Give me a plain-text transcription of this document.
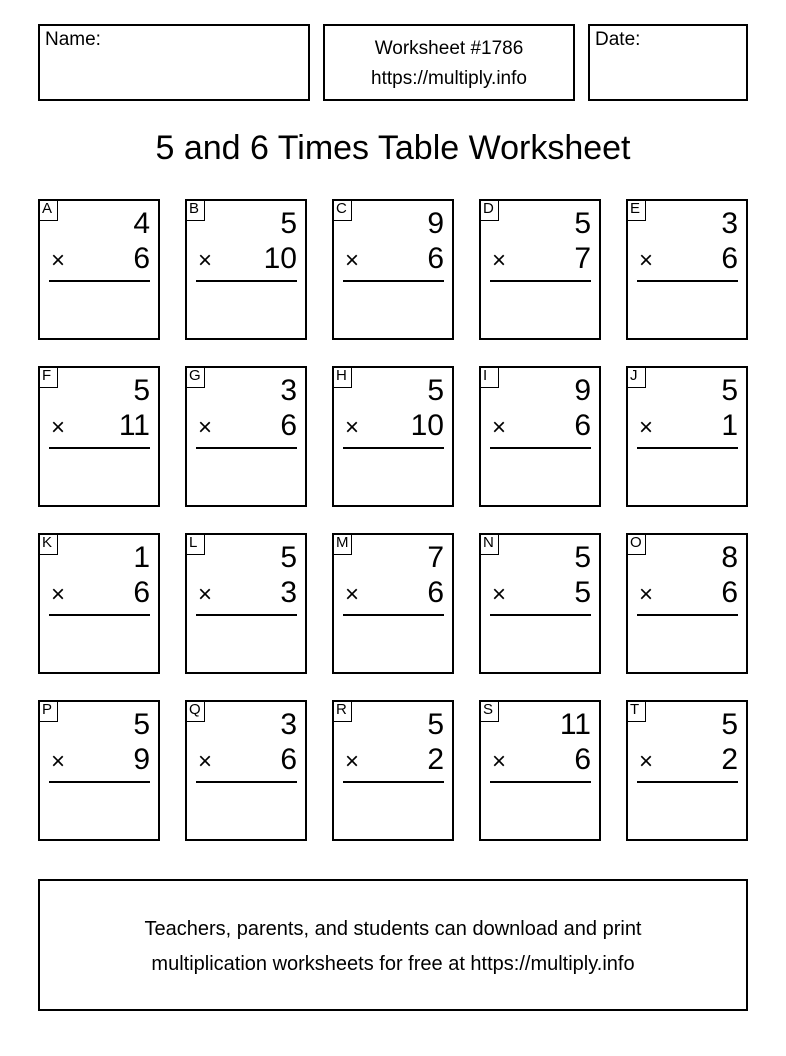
Name:	Worksheet #1786
https://multiply.info
Date:
5 and 6 Times Table Worksheet
A	4
× 6
B	5
× 10
C	9
× 6
D	5
× 7
E	3
× 6
F	5
× 11
G	3
× 6
H	5
× 10
I	9
× 6
J	5
× 1
K	1
× 6
L	5
× 3
M	7
× 6
N	5
× 5
O	8
× 6
P	5
× 9
Q	3
× 6
R	5
× 2
S 11
× 6
T	5
× 2
Teachers, parents, and students can download and print
multiplication worksheets for free at https://multiply.info
